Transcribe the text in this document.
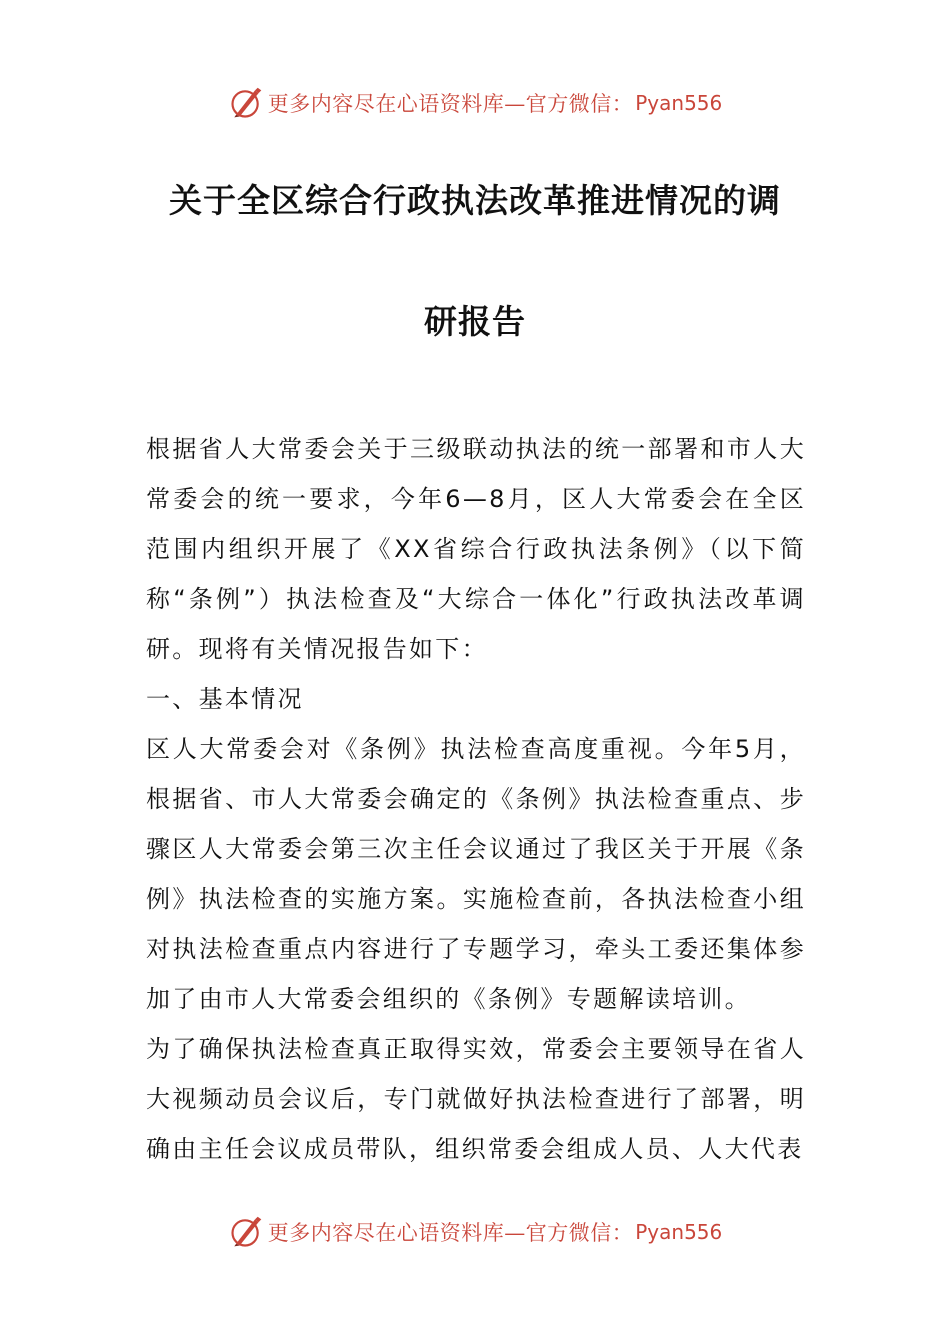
更多内容尽在心语资料库—官方微信： Pyan556
关于全区综合行政执法改革推进情况的调
研报告

根据省人大常委会关于三级联动执法的统一部署和市人大常委会的统一要求，今年6—8月，区人大常委会在全区范围内组织开展了《XX省综合行政执法条例》（以下简称“条例”）执法检查及“大综合一体化”行政执法改革调研。现将有关情况报告如下：

一、基本情况

区人大常委会对《条例》执法检查高度重视。今年5月，根据省、市人大常委会确定的《条例》执法检查重点、步骤区人大常委会第三次主任会议通过了我区关于开展《条例》执法检查的实施方案。实施检查前，各执法检查小组对执法检查重点内容进行了专题学习，牵头工委还集体参加了由市人大常委会组织的《条例》专题解读培训。

为了确保执法检查真正取得实效，常委会主要领导在省人大视频动员会议后，专门就做好执法检查进行了部署，明确由主任会议成员带队，组织常委会组成人员、人大代表

更多内容尽在心语资料库—官方微信： Pyan556
